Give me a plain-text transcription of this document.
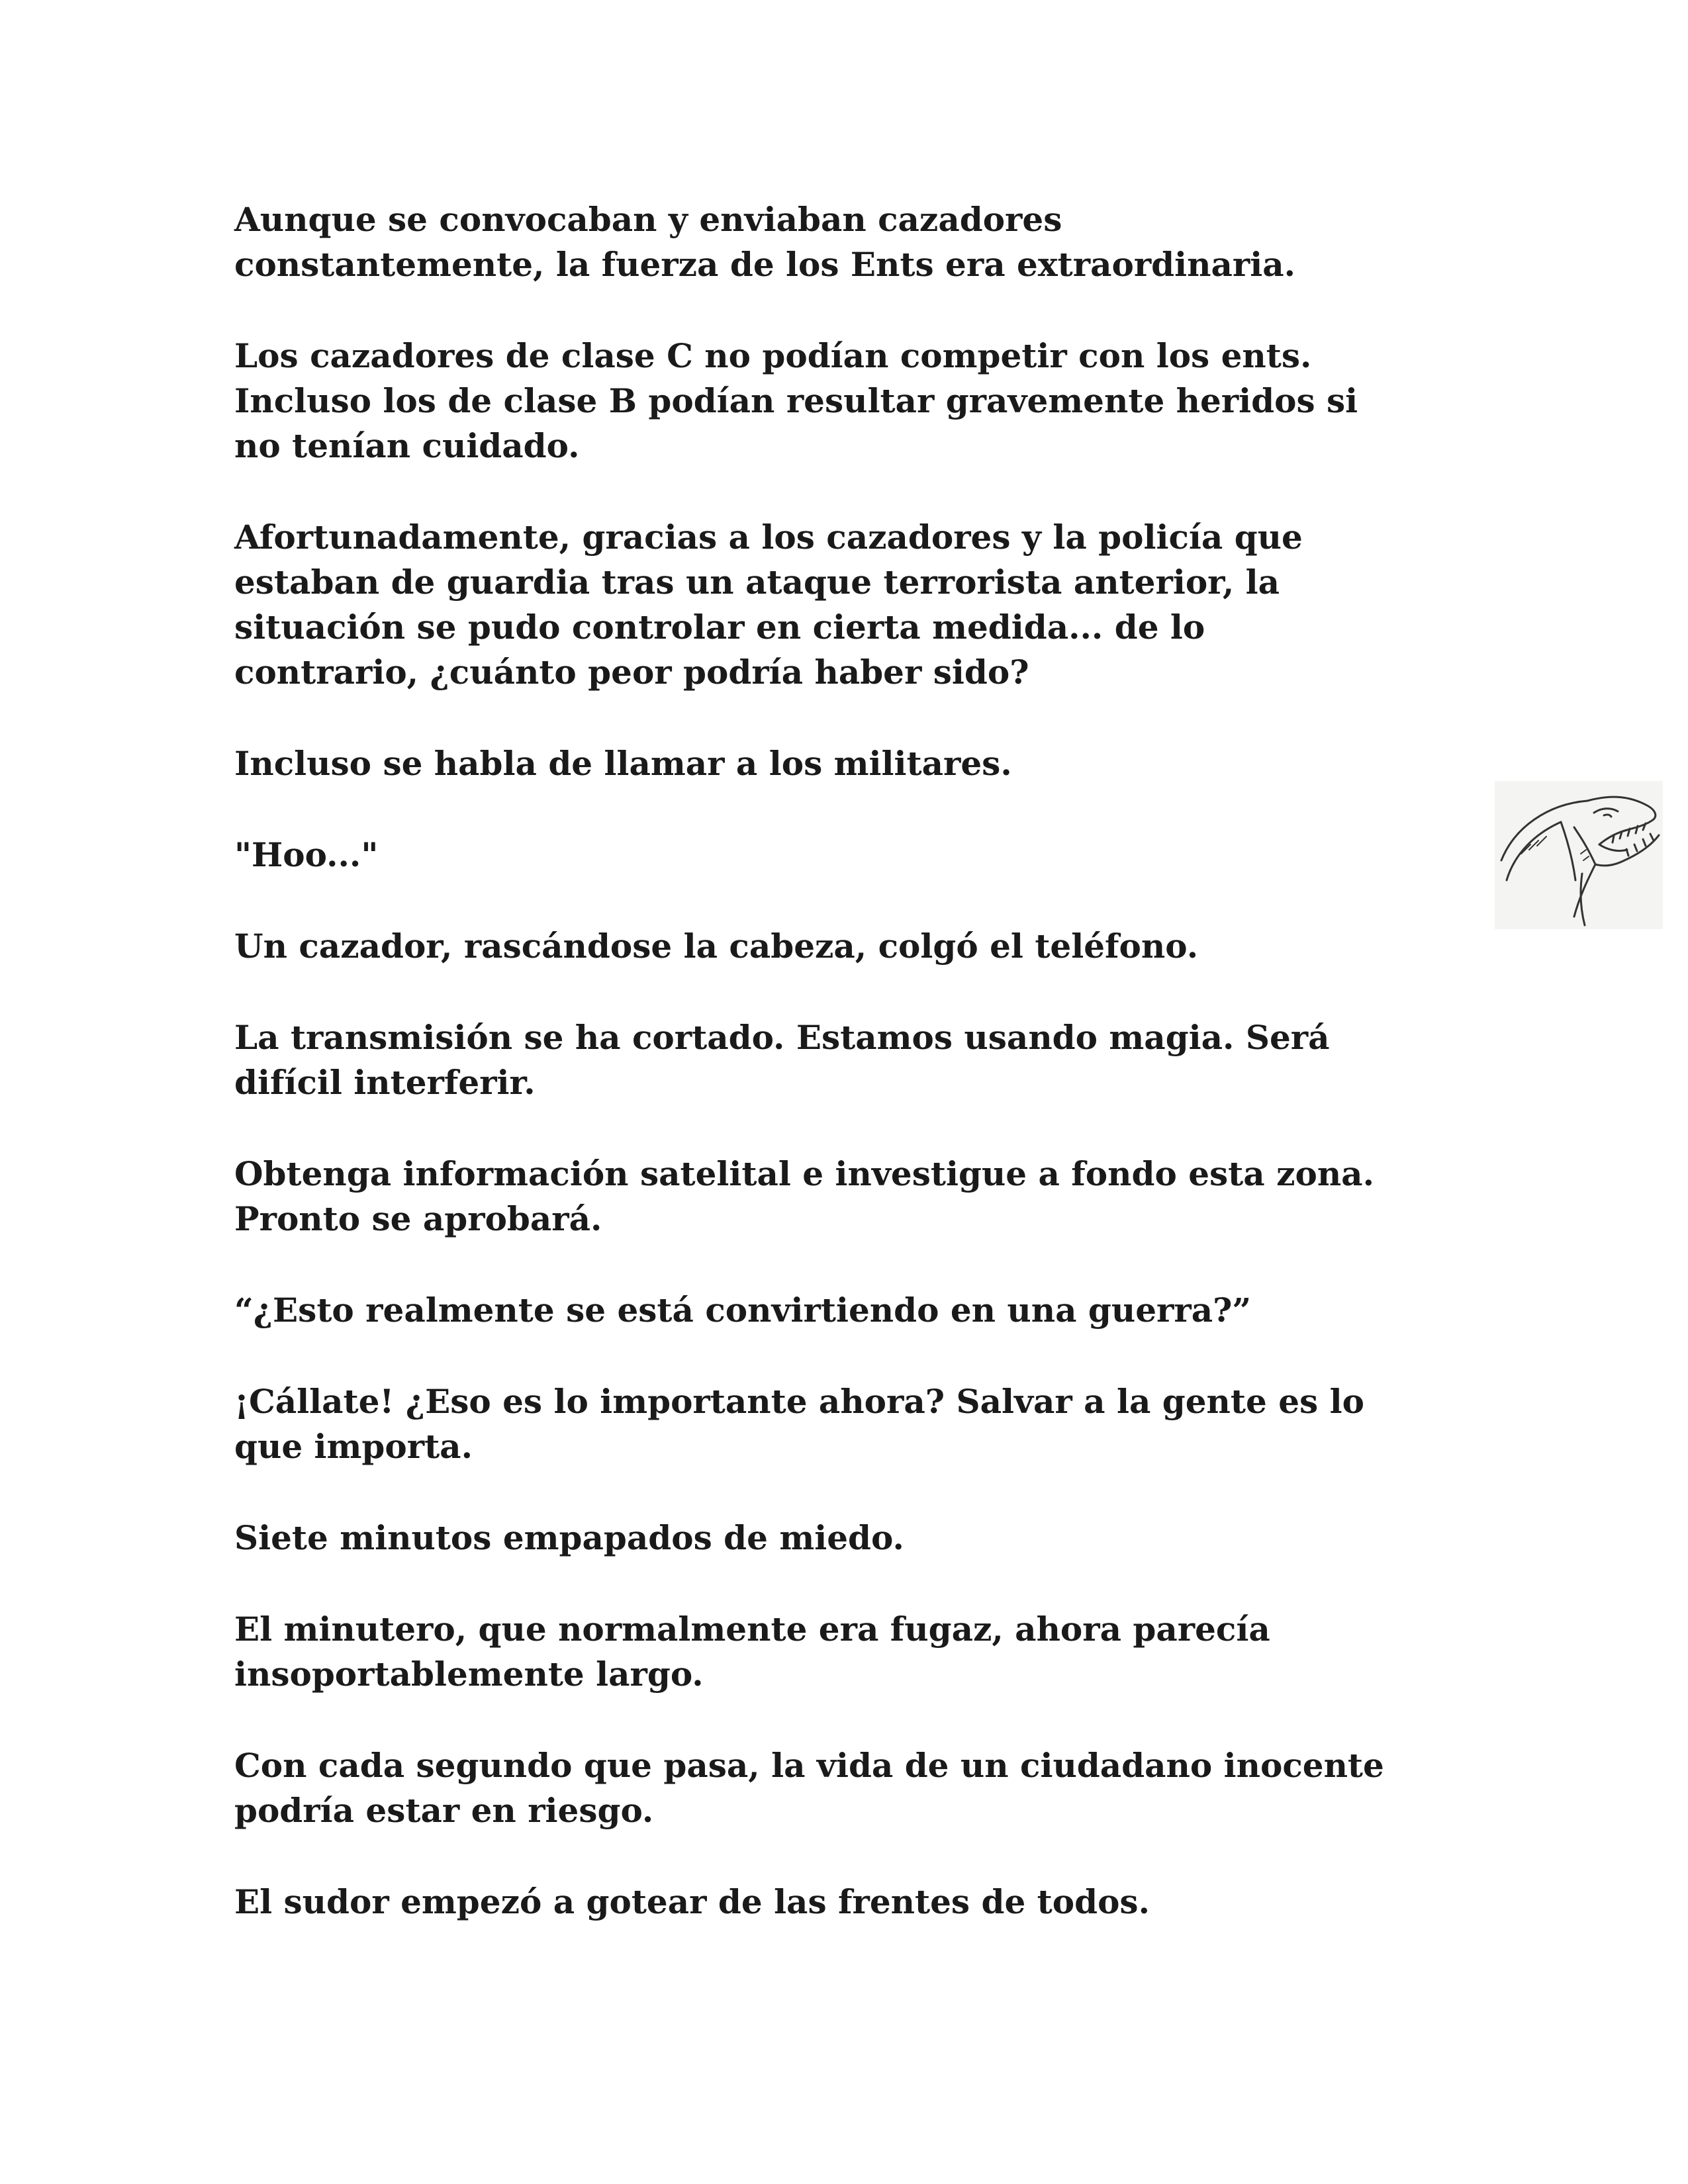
Aunque se convocaban y enviaban cazadores
constantemente, la fuerza de los Ents era extraordinaria.

Los cazadores de clase C no podían competir con los ents.
Incluso los de clase B podían resultar gravemente heridos si
no tenían cuidado.

Afortunadamente, gracias a los cazadores y la policía que
estaban de guardia tras un ataque terrorista anterior, la
situación se pudo controlar en cierta medida... de lo
contrario, ¿cuánto peor podría haber sido?

Incluso se habla de llamar a los militares.

"Hoo..."

Un cazador, rascándose la cabeza, colgó el teléfono.

La transmisión se ha cortado. Estamos usando magia. Será
difícil interferir.

Obtenga información satelital e investigue a fondo esta zona.
Pronto se aprobará.

“¿Esto realmente se está convirtiendo en una guerra?”

¡Cállate! ¿Eso es lo importante ahora? Salvar a la gente es lo
que importa.

Siete minutos empapados de miedo.

El minutero, que normalmente era fugaz, ahora parecía
insoportablemente largo.

Con cada segundo que pasa, la vida de un ciudadano inocente
podría estar en riesgo.

El sudor empezó a gotear de las frentes de todos.
